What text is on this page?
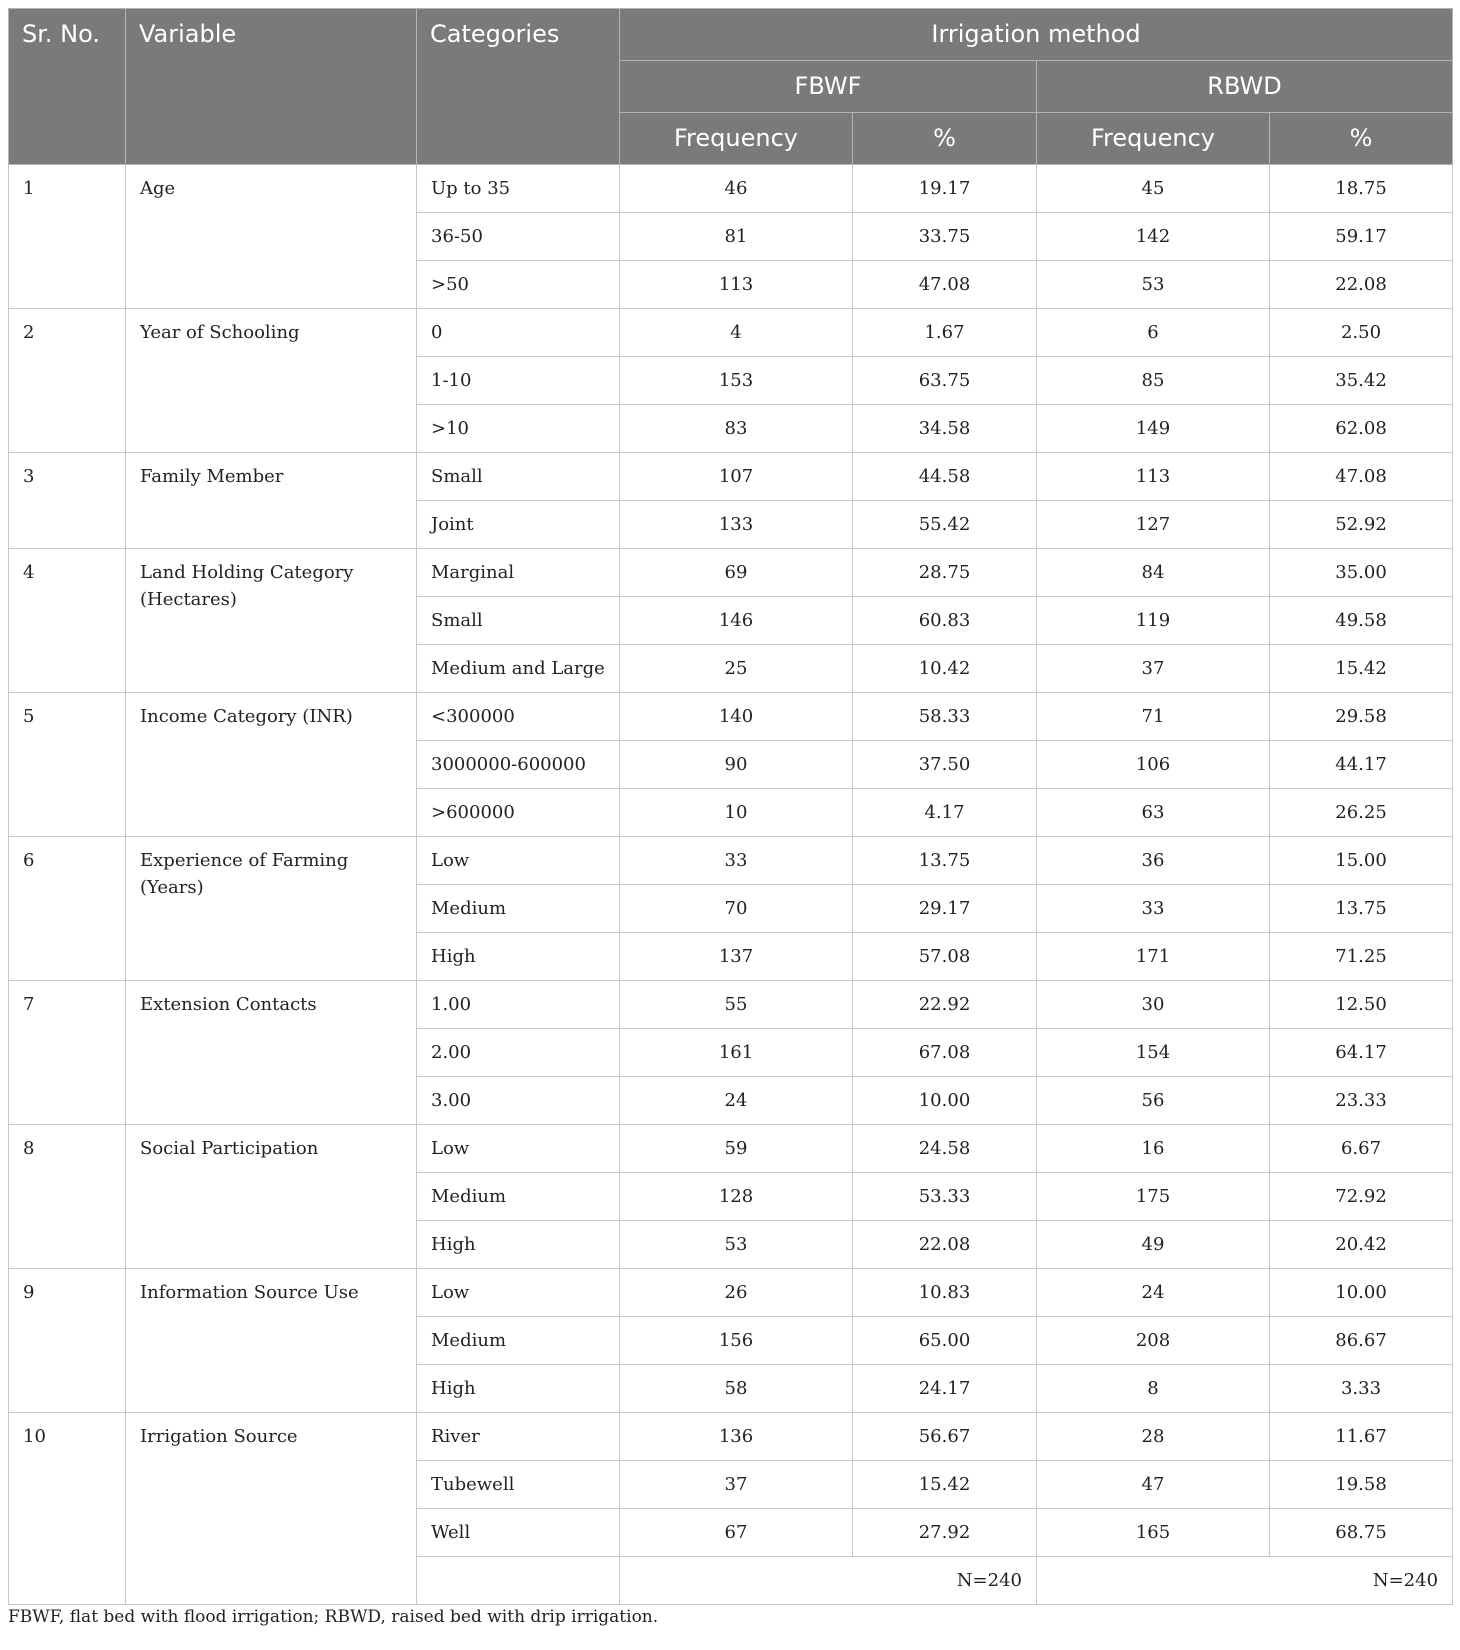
Sr. No.	Variable	Categories	Irrigation method			
			FBWF		RBWD	
			Frequency	%	Frequency	%
1	Age	Up to 35	46	19.17	45	18.75
		36-50	81	33.75	142	59.17
		>50	113	47.08	53	22.08
2	Year of Schooling	0	4	1.67	6	2.50
		1-10	153	63.75	85	35.42
		>10	83	34.58	149	62.08
3	Family Member	Small	107	44.58	113	47.08
		Joint	133	55.42	127	52.92
4	Land Holding Category (Hectares)	Marginal	69	28.75	84	35.00
		Small	146	60.83	119	49.58
		Medium and Large	25	10.42	37	15.42
5	Income Category (INR)	<300000	140	58.33	71	29.58
		3000000-600000	90	37.50	106	44.17
		>600000	10	4.17	63	26.25
6	Experience of Farming (Years)	Low	33	13.75	36	15.00
		Medium	70	29.17	33	13.75
		High	137	57.08	171	71.25
7	Extension Contacts	1.00	55	22.92	30	12.50
		2.00	161	67.08	154	64.17
		3.00	24	10.00	56	23.33
8	Social Participation	Low	59	24.58	16	6.67
		Medium	128	53.33	175	72.92
		High	53	22.08	49	20.42
9	Information Source Use	Low	26	10.83	24	10.00
		Medium	156	65.00	208	86.67
		High	58	24.17	8	3.33
10	Irrigation Source	River	136	56.67	28	11.67
		Tubewell	37	15.42	47	19.58
		Well	67	27.92	165	68.75
			N=240		N=240	
FBWF, flat bed with flood irrigation; RBWD, raised bed with drip irrigation.
